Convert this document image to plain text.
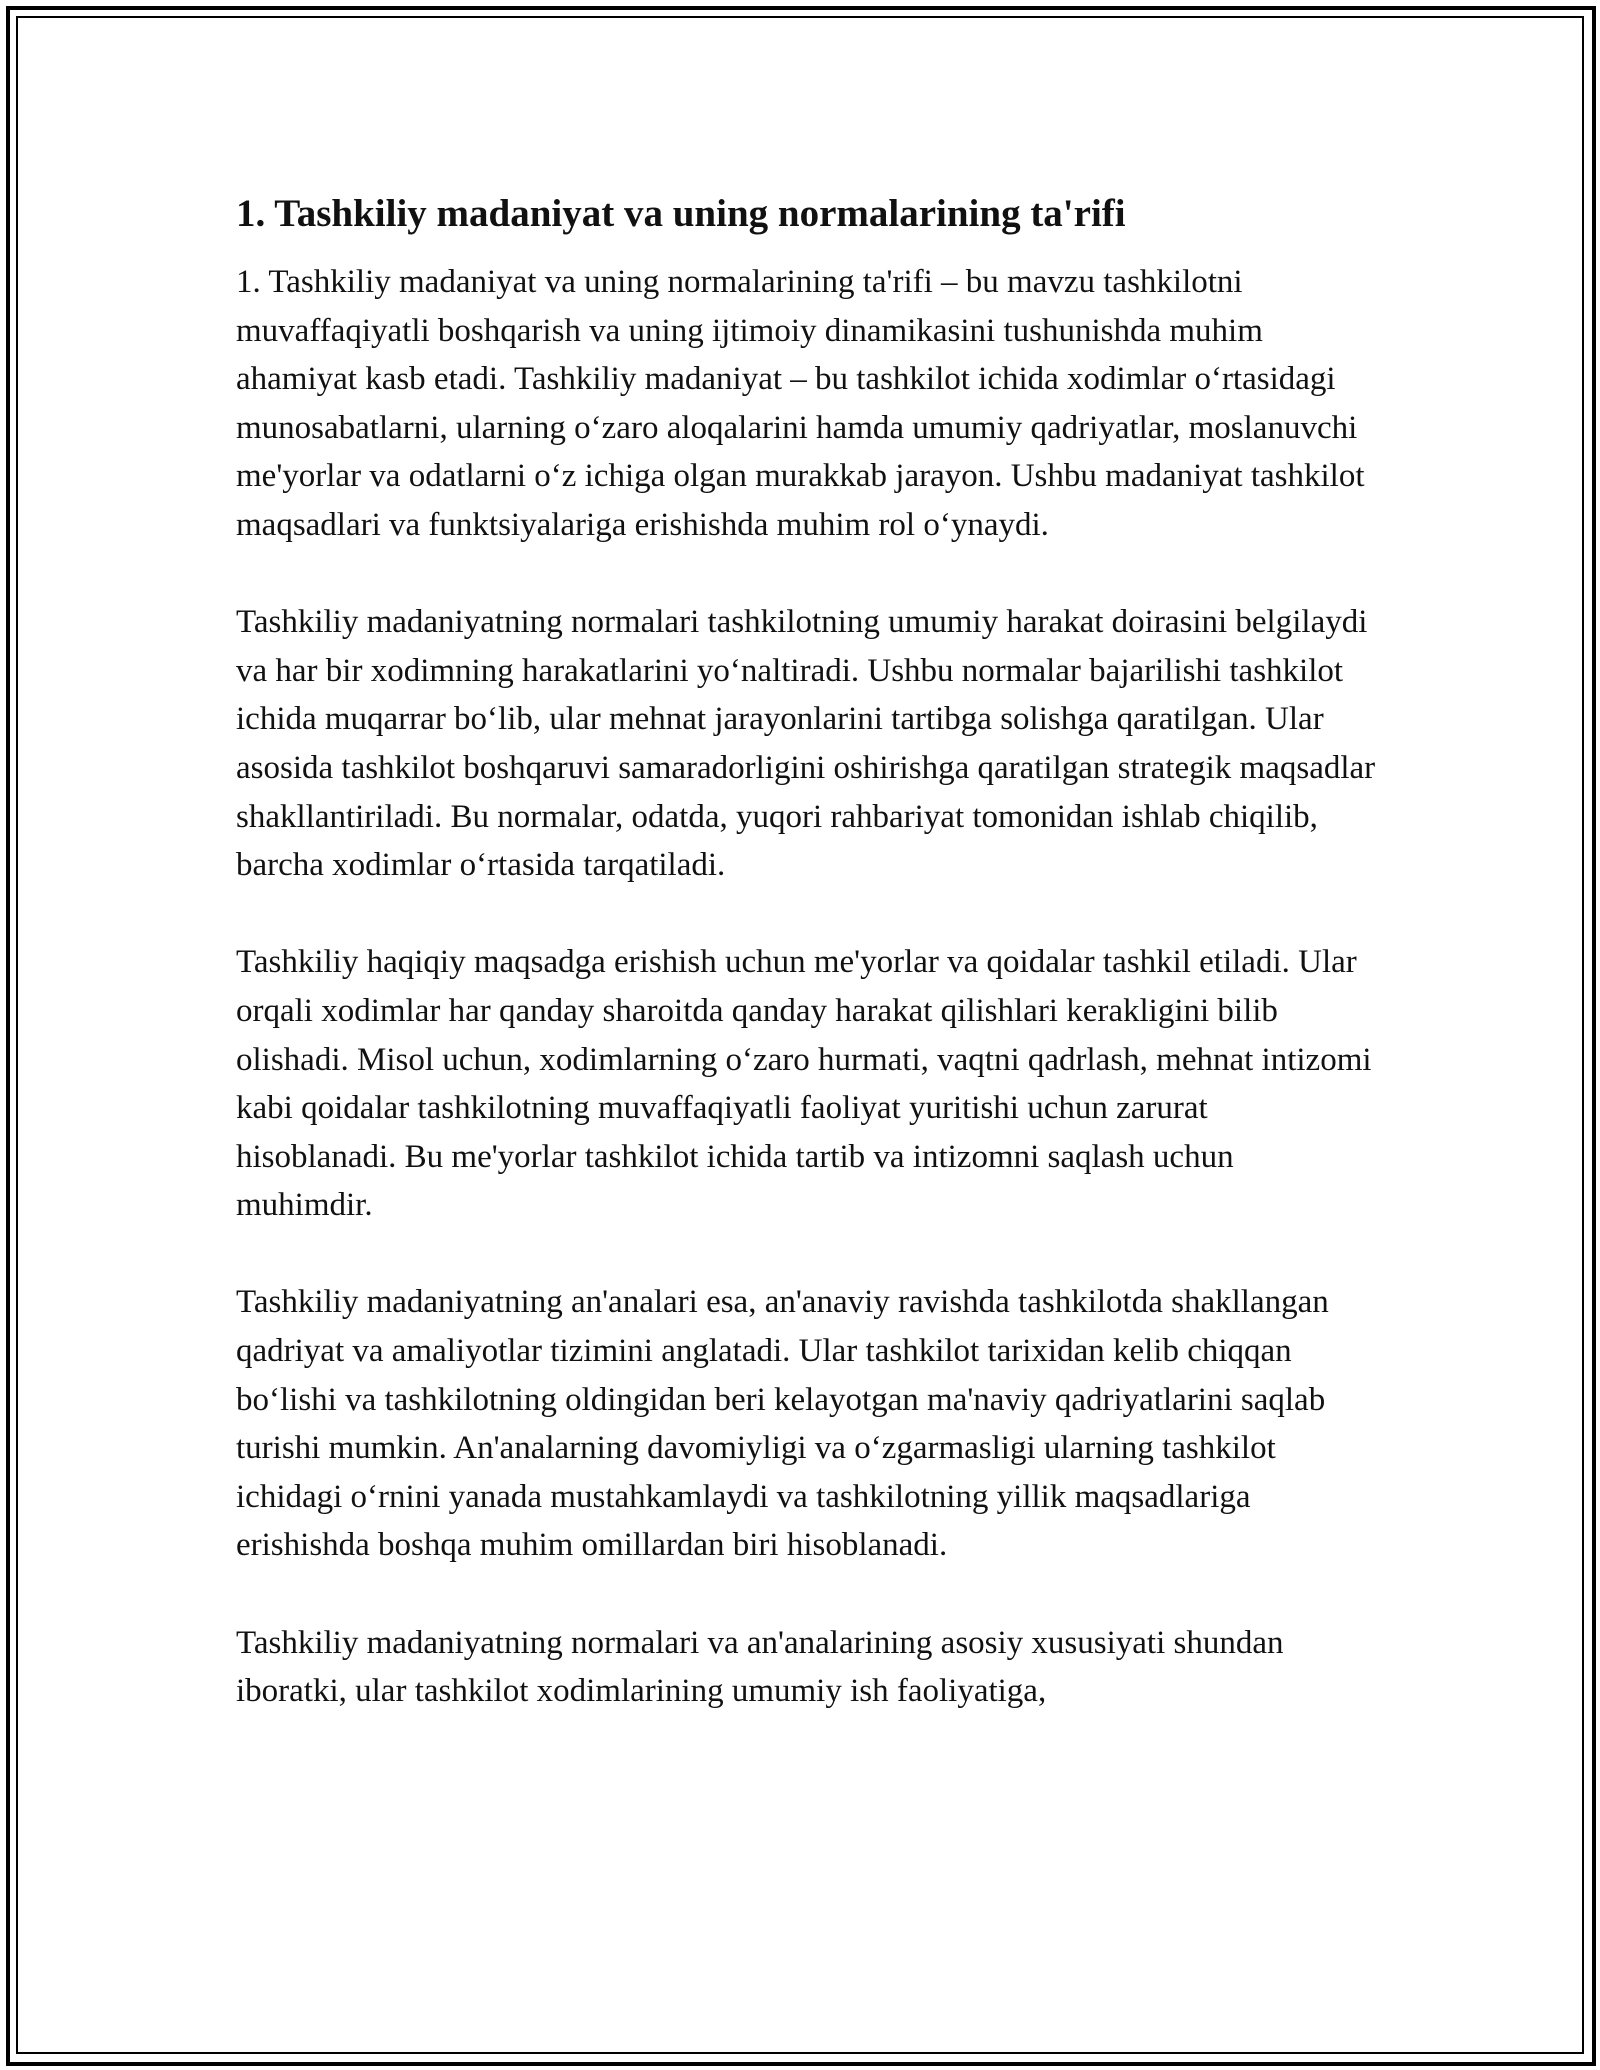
1. Tashkiliy madaniyat va uning normalarining ta'rifi

1. Tashkiliy madaniyat va uning normalarining ta'rifi – bu mavzu tashkilotni muvaffaqiyatli boshqarish va uning ijtimoiy dinamikasini tushunishda muhim ahamiyat kasb etadi. Tashkiliy madaniyat – bu tashkilot ichida xodimlar oʻrtasidagi munosabatlarni, ularning oʻzaro aloqalarini hamda umumiy qadriyatlar, moslanuvchi me'yorlar va odatlarni oʻz ichiga olgan murakkab jarayon. Ushbu madaniyat tashkilot maqsadlari va funktsiyalariga erishishda muhim rol oʻynaydi.

Tashkiliy madaniyatning normalari tashkilotning umumiy harakat doirasini belgilaydi va har bir xodimning harakatlarini yoʻnaltiradi. Ushbu normalar bajarilishi tashkilot ichida muqarrar boʻlib, ular mehnat jarayonlarini tartibga solishga qaratilgan. Ular asosida tashkilot boshqaruvi samaradorligini oshirishga qaratilgan strategik maqsadlar shakllantiriladi. Bu normalar, odatda, yuqori rahbariyat tomonidan ishlab chiqilib, barcha xodimlar oʻrtasida tarqatiladi.

Tashkiliy haqiqiy maqsadga erishish uchun me'yorlar va qoidalar tashkil etiladi. Ular orqali xodimlar har qanday sharoitda qanday harakat qilishlari kerakligini bilib olishadi. Misol uchun, xodimlarning oʻzaro hurmati, vaqtni qadrlash, mehnat intizomi kabi qoidalar tashkilotning muvaffaqiyatli faoliyat yuritishi uchun zarurat hisoblanadi. Bu me'yorlar tashkilot ichida tartib va intizomni saqlash uchun muhimdir.

Tashkiliy madaniyatning an'analari esa, an'anaviy ravishda tashkilotda shakllangan qadriyat va amaliyotlar tizimini anglatadi. Ular tashkilot tarixidan kelib chiqqan boʻlishi va tashkilotning oldingidan beri kelayotgan ma'naviy qadriyatlarini saqlab turishi mumkin. An'analarning davomiyligi va oʻzgarmasligi ularning tashkilot ichidagi oʻrnini yanada mustahkamlaydi va tashkilotning yillik maqsadlariga erishishda boshqa muhim omillardan biri hisoblanadi.

Tashkiliy madaniyatning normalari va an'analarining asosiy xususiyati shundan iboratki, ular tashkilot xodimlarining umumiy ish faoliyatiga,
